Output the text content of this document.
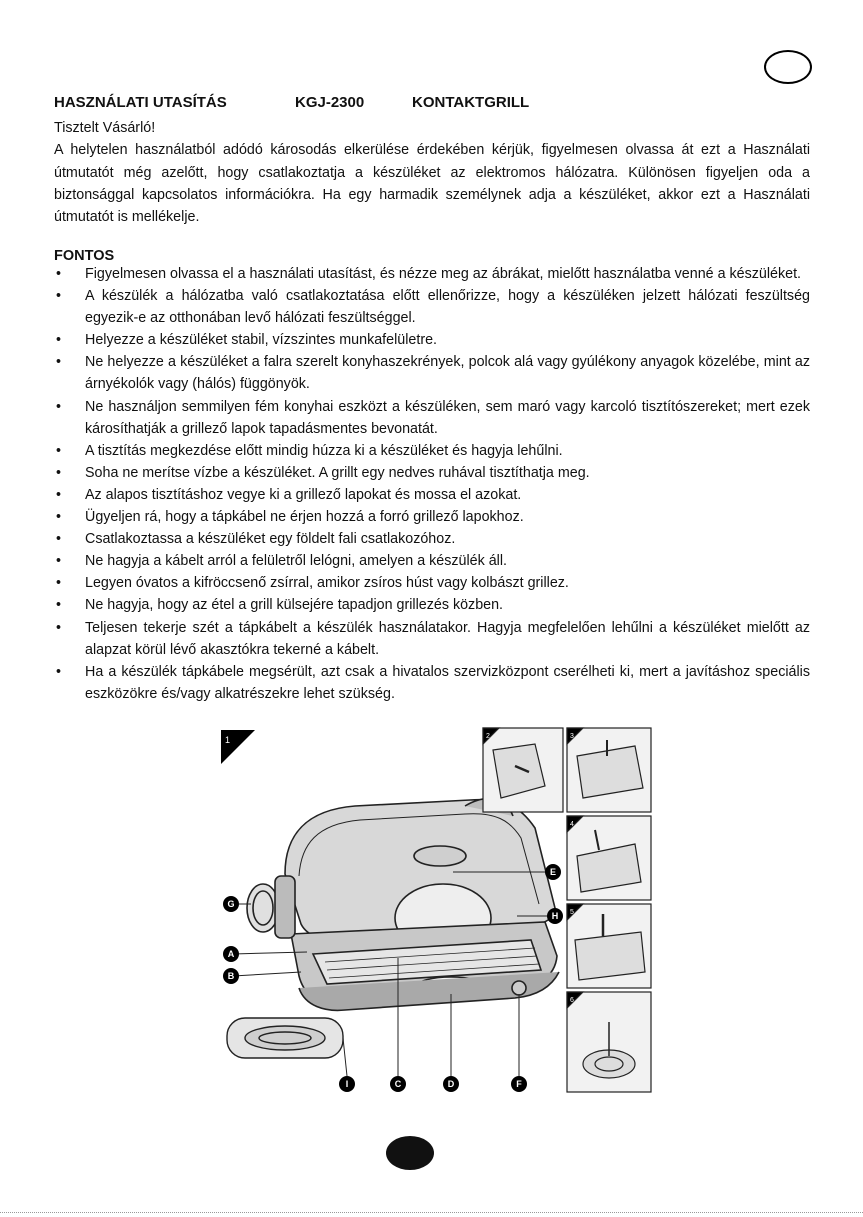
HASZNÁLATI UTASÍTÁS	KGJ-2300	KONTAKTGRILL

Tisztelt Vásárló!

A helytelen használatból adódó károsodás elkerülése érdekében kérjük, figyelmesen olvassa át ezt a Használati útmutatót még azelőtt, hogy csatlakoztatja a készüléket az elektromos hálózatra. Különösen figyeljen oda a biztonsággal kapcsolatos információkra. Ha egy harmadik személynek adja a készüléket, akkor ezt a Használati útmutatót is mellékelje.

FONTOS
• Figyelmesen olvassa el a használati utasítást, és nézze meg az ábrákat, mielőtt használatba venné a készüléket.
• A készülék a hálózatba való csatlakoztatása előtt ellenőrizze, hogy a készüléken jelzett hálózati feszültség egyezik-e az otthonában levő hálózati feszültséggel.
• Helyezze a készüléket stabil, vízszintes munkafelületre.
• Ne helyezze a készüléket a falra szerelt konyhaszekrények, polcok alá vagy gyúlékony anyagok közelébe, mint az árnyékolók vagy (hálós) függönyök.
• Ne használjon semmilyen fém konyhai eszközt a készüléken, sem maró vagy karcoló tisztítószereket; mert ezek károsíthatják a grillező lapok tapadásmentes bevonatát.
• A tisztítás megkezdése előtt mindig húzza ki a készüléket és hagyja lehűlni.
• Soha ne merítse vízbe a készüléket. A grillt egy nedves ruhával tisztíthatja meg.
• Az alapos tisztításhoz vegye ki a grillező lapokat és mossa el azokat.
• Ügyeljen rá, hogy a tápkábel ne érjen hozzá a forró grillező lapokhoz.
• Csatlakoztassa a készüléket egy földelt fali csatlakozóhoz.
• Ne hagyja a kábelt arról a felületről lelógni, amelyen a készülék áll.
• Legyen óvatos a kifröccsenő zsírral, amikor zsíros húst vagy kolbászt grillez.
• Ne hagyja, hogy az étel a grill külsejére tapadjon grillezés közben.
• Teljesen tekerje szét a tápkábelt a készülék használatakor. Hagyja megfelelően lehűlni a készüléket mielőtt az alapzat körül lévő akasztókra tekerné a kábelt.
• Ha a készülék tápkábele megsérült, azt csak a hivatalos szervizközpont cserélheti ki, mert a javításhoz speciális eszközökre és/vagy alkatrészekre lehet szükség.
1
A
B
G
E
H
I	C	D	F
2	3
4
5
6
